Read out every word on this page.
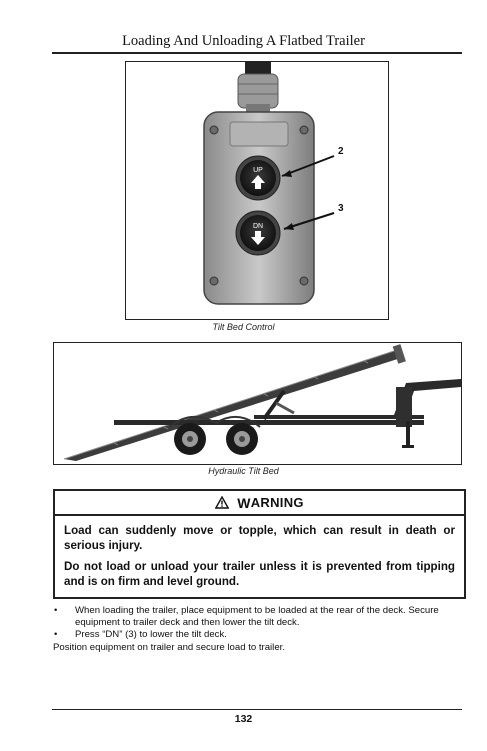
Loading And Unloading A Flatbed Trailer
UP
DN
2
3
Tilt Bed Control
Hydraulic Tilt Bed
W ARNING

Load can suddenly move or topple, which can result in death or serious injury.

Do not load or unload your trailer unless it is prevented from tipping and is on firm and level ground.

• When loading the trailer, place equipment to be loaded at the rear of the deck. Secure equipment to trailer deck and then lower the tilt deck.
• Press “DN” (3) to lower the tilt deck.
Position equipment on trailer and secure load to trailer.
132
